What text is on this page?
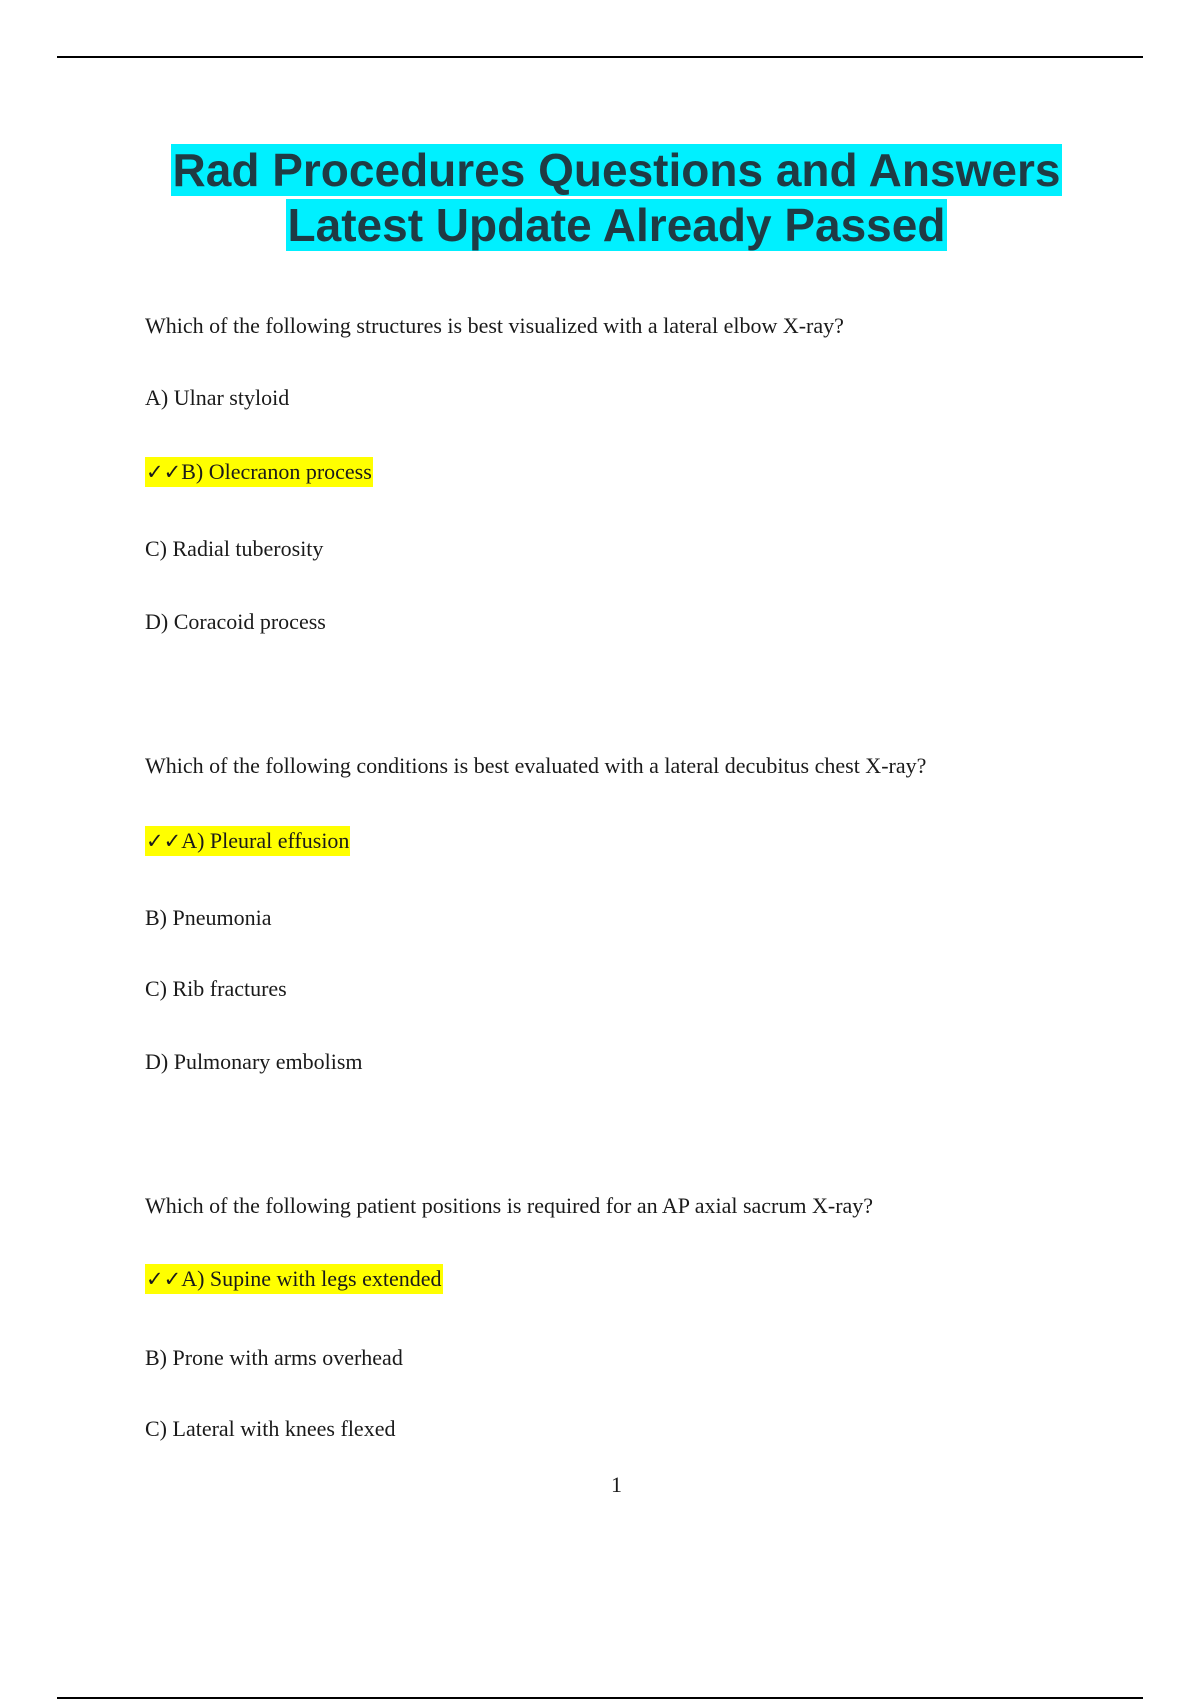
Rad Procedures Questions and Answers
Latest Update Already Passed
Which of the following structures is best visualized with a lateral elbow X-ray?
A) Ulnar styloid
✓✓B) Olecranon process
C) Radial tuberosity
D) Coracoid process
Which of the following conditions is best evaluated with a lateral decubitus chest X-ray?
✓✓A) Pleural effusion
B) Pneumonia
C) Rib fractures
D) Pulmonary embolism
Which of the following patient positions is required for an AP axial sacrum X-ray?
✓✓A) Supine with legs extended
B) Prone with arms overhead
C) Lateral with knees flexed
1
